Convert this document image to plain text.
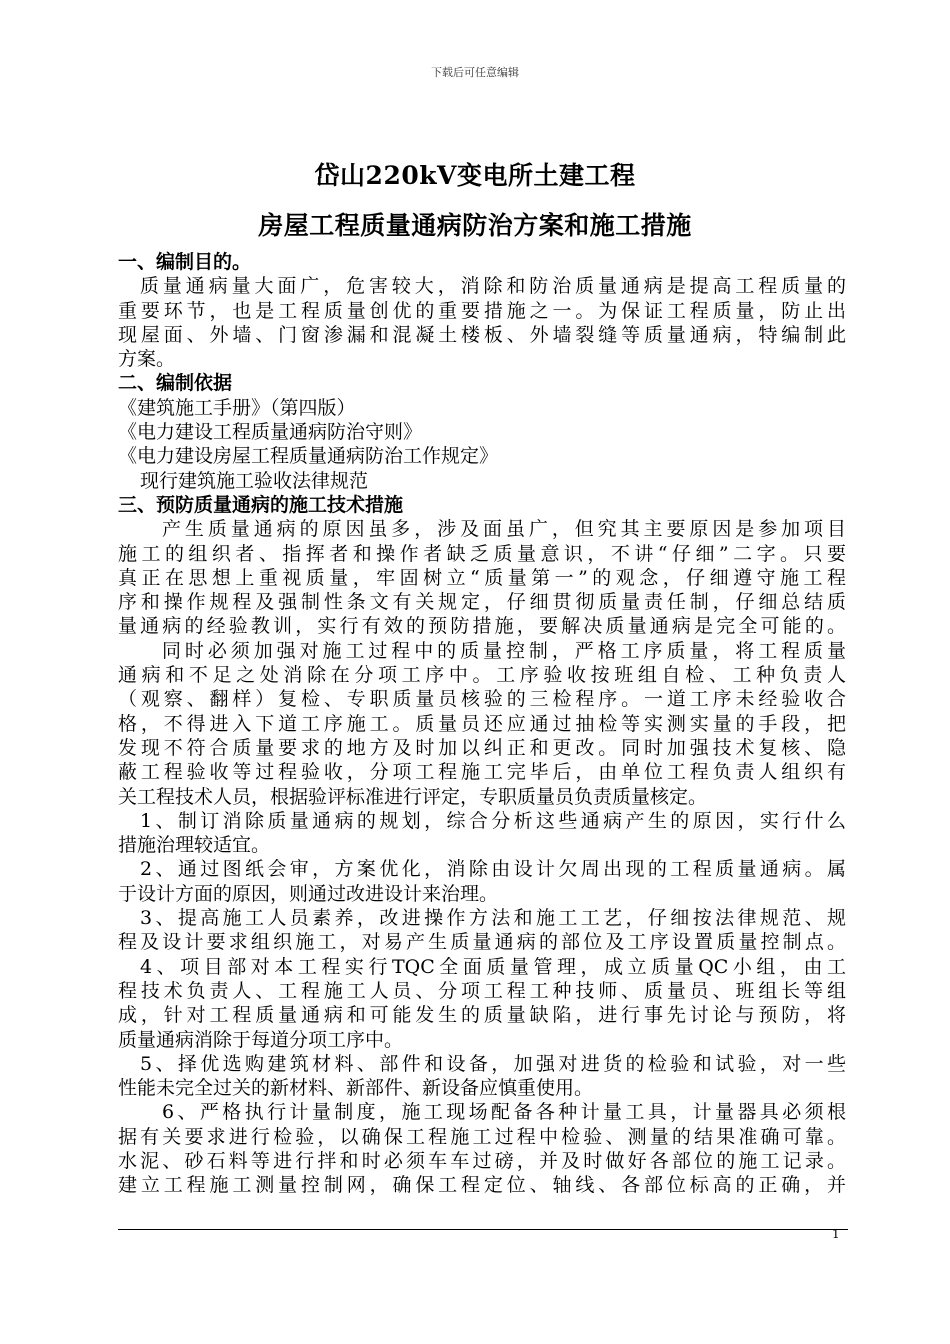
下载后可任意编辑
岱山220kV变电所土建工程
房屋工程质量通病防治方案和施工措施
一、编制目的。
质量通病量大面广，危害较大，消除和防治质量通病是提高工程质量的
重要环节，也是工程质量创优的重要措施之一。为保证工程质量，防止出
现屋面、外墙、门窗渗漏和混凝土楼板、外墙裂缝等质量通病，特编制此
方案。
二、编制依据
《建筑施工手册》（第四版）
《电力建设工程质量通病防治守则》
《电力建设房屋工程质量通病防治工作规定》
现行建筑施工验收法律规范
三、预防质量通病的施工技术措施
产生质量通病的原因虽多，涉及面虽广，但究其主要原因是参加项目
施工的组织者、指挥者和操作者缺乏质量意识，不讲“仔细”二字。只要
真正在思想上重视质量，牢固树立“质量第一”的观念，仔细遵守施工程
序和操作规程及强制性条文有关规定，仔细贯彻质量责任制，仔细总结质
量通病的经验教训，实行有效的预防措施，要解决质量通病是完全可能的。
同时必须加强对施工过程中的质量控制，严格工序质量，将工程质量
通病和不足之处消除在分项工序中。工序验收按班组自检、工种负责人
（观察、翻样）复检、专职质量员核验的三检程序。一道工序未经验收合
格，不得进入下道工序施工。质量员还应通过抽检等实测实量的手段，把
发现不符合质量要求的地方及时加以纠正和更改。同时加强技术复核、隐
蔽工程验收等过程验收，分项工程施工完毕后，由单位工程负责人组织有
关工程技术人员，根据验评标准进行评定，专职质量员负责质量核定。
1、制订消除质量通病的规划，综合分析这些通病产生的原因，实行什么
措施治理较适宜。
2、通过图纸会审，方案优化，消除由设计欠周出现的工程质量通病。属
于设计方面的原因，则通过改进设计来治理。
3、提高施工人员素养，改进操作方法和施工工艺，仔细按法律规范、规
程及设计要求组织施工，对易产生质量通病的部位及工序设置质量控制点。
4、项目部对本工程实行TQC全面质量管理，成立质量QC小组，由工
程技术负责人、工程施工人员、分项工程工种技师、质量员、班组长等组
成，针对工程质量通病和可能发生的质量缺陷，进行事先讨论与预防，将
质量通病消除于每道分项工序中。
5、择优选购建筑材料、部件和设备，加强对进货的检验和试验，对一些
性能未完全过关的新材料、新部件、新设备应慎重使用。
6、严格执行计量制度，施工现场配备各种计量工具，计量器具必须根
据有关要求进行检验，以确保工程施工过程中检验、测量的结果准确可靠。
水泥、砂石料等进行拌和时必须车车过磅，并及时做好各部位的施工记录。
建立工程施工测量控制网，确保工程定位、轴线、各部位标高的正确，并
1
